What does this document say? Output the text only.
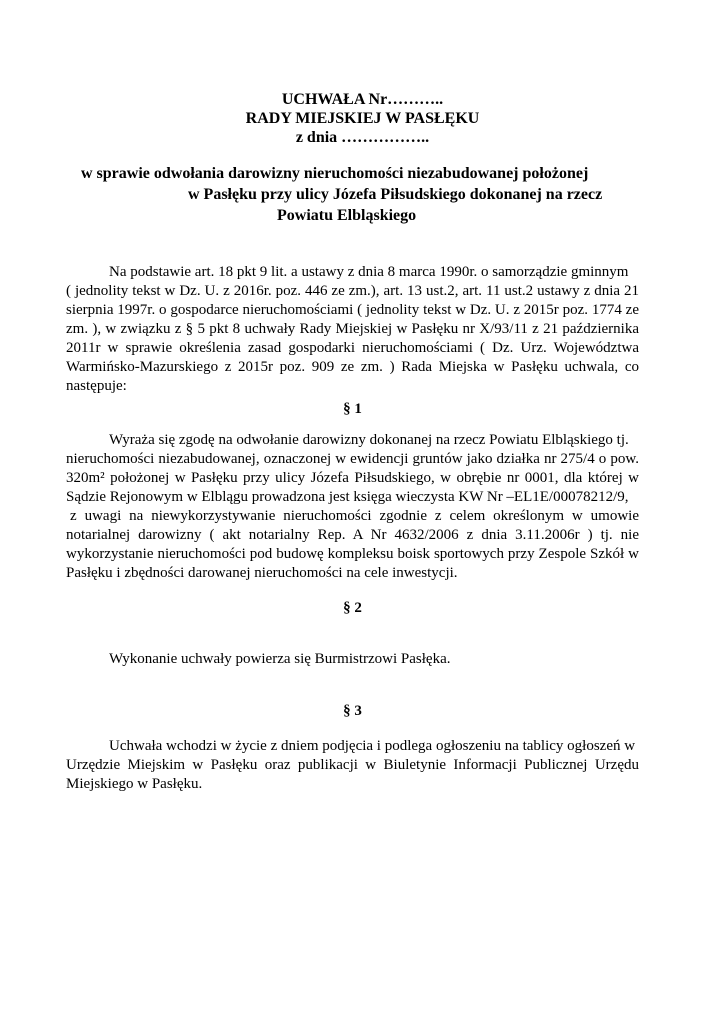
UCHWAŁA Nr………..
RADY MIEJSKIEJ W PASŁĘKU
z dnia ……………..
w sprawie odwołania darowizny nieruchomości niezabudowanej położonej
w Pasłęku przy ulicy Józefa Piłsudskiego dokonanej na rzecz
Powiatu Elbląskiego
Na podstawie art. 18 pkt 9 lit. a ustawy z dnia 8 marca 1990r. o samorządzie gminnym
( jednolity tekst w Dz. U. z 2016r. poz. 446 ze zm.), art. 13 ust.2, art. 11 ust.2 ustawy z dnia 21
sierpnia 1997r. o gospodarce nieruchomościami ( jednolity tekst w Dz. U. z 2015r poz. 1774 ze
zm. ), w związku z § 5 pkt 8 uchwały Rady Miejskiej w Pasłęku nr X/93/11 z 21 października
2011r w sprawie określenia zasad gospodarki nieruchomościami ( Dz. Urz. Województwa
Warmińsko-Mazurskiego z 2015r poz. 909 ze zm. ) Rada Miejska w Pasłęku uchwala, co
następuje:
§ 1
Wyraża się zgodę na odwołanie darowizny dokonanej na rzecz Powiatu Elbląskiego tj.
nieruchomości niezabudowanej, oznaczonej w ewidencji gruntów jako działka nr 275/4 o pow.
320m² położonej w Pasłęku przy ulicy Józefa Piłsudskiego, w obrębie nr 0001, dla której w
Sądzie Rejonowym w Elblągu prowadzona jest księga wieczysta KW Nr –EL1E/00078212/9,
z uwagi na niewykorzystywanie nieruchomości zgodnie z celem określonym w umowie
notarialnej darowizny ( akt notarialny Rep. A Nr 4632/2006 z dnia 3.11.2006r ) tj. nie
wykorzystanie nieruchomości pod budowę kompleksu boisk sportowych przy Zespole Szkół w
Pasłęku i zbędności darowanej nieruchomości na cele inwestycji.
§ 2
Wykonanie uchwały powierza się Burmistrzowi Pasłęka.
§ 3
Uchwała wchodzi w życie z dniem podjęcia i podlega ogłoszeniu na tablicy ogłoszeń w
Urzędzie Miejskim w Pasłęku oraz publikacji w Biuletynie Informacji Publicznej Urzędu
Miejskiego w Pasłęku.
